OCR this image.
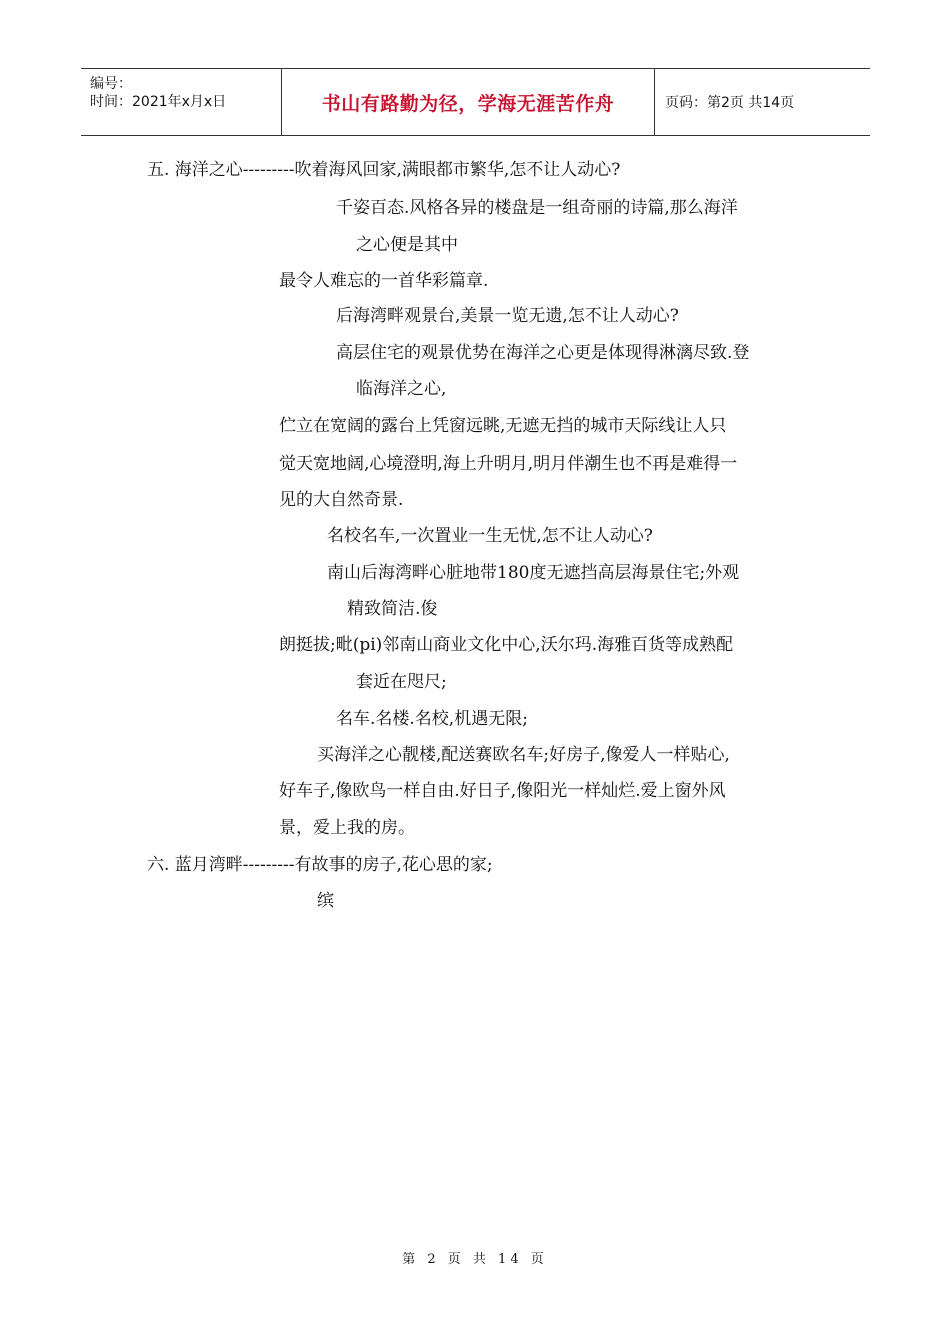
编号：
时间：2021年x月x日	书山有路勤为径，学海无涯苦作舟	页码：第2页 共14页
五. 海洋之心---------吹着海风回家,满眼都市繁华,怎不让人动心?
千姿百态.风格各异的楼盘是一组奇丽的诗篇,那么海洋
之心便是其中
最令人难忘的一首华彩篇章.
后海湾畔观景台,美景一览无遗,怎不让人动心?
高层住宅的观景优势在海洋之心更是体现得淋漓尽致.登
临海洋之心,
伫立在宽阔的露台上凭窗远眺,无遮无挡的城市天际线让人只
觉天宽地阔,心境澄明,海上升明月,明月伴潮生也不再是难得一
见的大自然奇景.
名校名车,一次置业一生无忧,怎不让人动心?
南山后海湾畔心脏地带180度无遮挡高层海景住宅;外观
精致简洁.俊
朗挺拔;毗(pi)邻南山商业文化中心,沃尔玛.海雅百货等成熟配
套近在咫尺;
名车.名楼.名校,机遇无限;
买海洋之心靓楼,配送赛欧名车;好房子,像爱人一样贴心,
好车子,像欧鸟一样自由.好日子,像阳光一样灿烂.爱上窗外风
景，爱上我的房。
六. 蓝月湾畔---------有故事的房子,花心思的家;
缤
第 2 页 共 14 页
